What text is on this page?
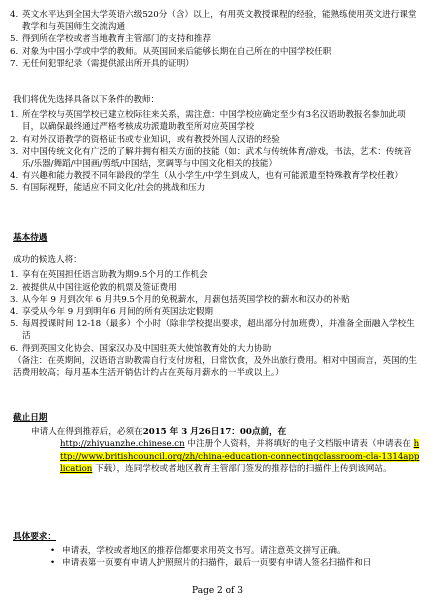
4. 英文水平达到全国大学英语六级520分（含）以上，有用英文教授课程的经验，能熟练使用英文进行课堂教学和与英国师生交流沟通
5. 得到所在学校或者当地教育主管部门的支持和推荐
6. 对象为中国小学或中学的教师。从英国回来后能够长期在自己所在的中国学校任职
7. 无任何犯罪纪录（需提供派出所开具的证明）
我们将优先选择具备以下条件的教师：
1. 所在学校与英国学校已建立校际往来关系，需注意：中国学校应确定至少有3名汉语助教报名参加此项目，以确保最终通过严格考核成功派遣助教至所对应英国学校
2. 有对外汉语教学的资格证书或专业知识，或有教授外国人汉语的经验
3. 对中国传统文化有广泛的了解并拥有相关方面的技能（如：武术与传统体育/游戏，书法，艺术：传统音乐/乐器/舞蹈/中国画/剪纸/中国结，烹调等与中国文化相关的技能）
4. 有兴趣和能力教授不同年龄段的学生（从小学生/中学生到成人，也有可能派遣至特殊教育学校任教）
5. 有国际视野，能适应不同文化/社会的挑战和压力
基本待遇
成功的候选人将：
1. 享有在英国担任语言助教为期9.5个月的工作机会
2. 被提供从中国往返伦敦的机票及签证费用
3. 从今年 9 月到次年 6 月共9.5个月的免税薪水，月薪包括英国学校的薪水和汉办的补贴
4. 享受从今年 9 月到明年6 月间的所有英国法定假期
5. 每周授课时间 12-18（最多）个小时（除非学校提出要求，超出部分付加班费），并准备全面融入学校生活
6. 得到英国文化协会、国家汉办及中国驻英大使馆教育处的大力协助
（备注：在英期间，汉语语言助教需自行支付房租，日常饮食，及外出旅行费用。相对中国而言，英国的生活费用较高；每月基本生活开销估计约占在英每月薪水的一半或以上。）
截止日期
申请人在得到推荐后，必须在2015 年 3 月26日17：00点前，在
http://zhiyuanzhe.chinese.cn 中注册个人资料，并将填好的电子文档版申请表（申请表在 http://www.britishcouncil.org/zh/china-education-connectingclassroom-cla-1314application 下载），连同学校或者地区教育主管部门签发的推荐信的扫描件上传到该网站。
具体要求：
• 申请表，学校或者地区的推荐信都要求用英文书写。请注意英文拼写正确。
• 申请表第一页要有申请人护照照片的扫描件，最后一页要有申请人签名扫描件和日
Page 2 of 3
